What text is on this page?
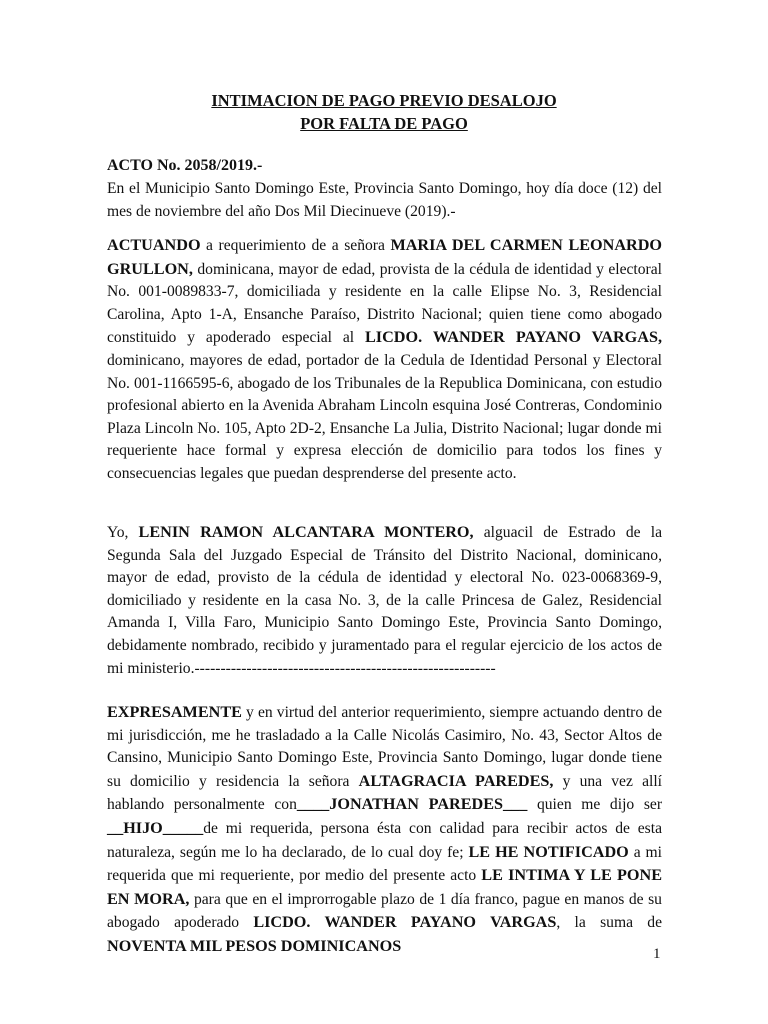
INTIMACION DE PAGO PREVIO DESALOJO
POR FALTA DE PAGO
ACTO No. 2058/2019.-

En el Municipio Santo Domingo Este, Provincia Santo Domingo, hoy día doce (12) del mes de noviembre del año Dos Mil Diecinueve (2019).-

ACTUANDO a requerimiento de a señora MARIA DEL CARMEN LEONARDO GRULLON, dominicana, mayor de edad, provista de la cédula de identidad y electoral No. 001-0089833-7, domiciliada y residente en la calle Elipse No. 3, Residencial Carolina, Apto 1-A, Ensanche Paraíso, Distrito Nacional; quien tiene como abogado constituido y apoderado especial al LICDO. WANDER PAYANO VARGAS, dominicano, mayores de edad, portador de la Cedula de Identidad Personal y Electoral No. 001-1166595-6, abogado de los Tribunales de la Republica Dominicana, con estudio profesional abierto en la Avenida Abraham Lincoln esquina José Contreras, Condominio Plaza Lincoln No. 105, Apto 2D-2, Ensanche La Julia, Distrito Nacional; lugar donde mi requeriente hace formal y expresa elección de domicilio para todos los fines y consecuencias legales que puedan desprenderse del presente acto.

Yo, LENIN RAMON ALCANTARA MONTERO, alguacil de Estrado de la Segunda Sala del Juzgado Especial de Tránsito del Distrito Nacional, dominicano, mayor de edad, provisto de la cédula de identidad y electoral No. 023-0068369-9, domiciliado y residente en la casa No. 3, de la calle Princesa de Galez, Residencial Amanda I, Villa Faro, Municipio Santo Domingo Este, Provincia Santo Domingo, debidamente nombrado, recibido y juramentado para el regular ejercicio de los actos de mi ministerio.----------------------------------------------------------

EXPRESAMENTE y en virtud del anterior requerimiento, siempre actuando dentro de mi jurisdicción, me he trasladado a la Calle Nicolás Casimiro, No. 43, Sector Altos de Cansino, Municipio Santo Domingo Este, Provincia Santo Domingo, lugar donde tiene su domicilio y residencia la señora ALTAGRACIA PAREDES, y una vez allí hablando personalmente con____JONATHAN PAREDES___ quien me dijo ser __HIJO_____de mi requerida, persona ésta con calidad para recibir actos de esta naturaleza, según me lo ha declarado, de lo cual doy fe; LE HE NOTIFICADO a mi requerida que mi requeriente, por medio del presente acto LE INTIMA Y LE PONE EN MORA, para que en el improrrogable plazo de 1 día franco, pague en manos de su abogado apoderado LICDO. WANDER PAYANO VARGAS, la suma de NOVENTA MIL PESOS DOMINICANOS	1
